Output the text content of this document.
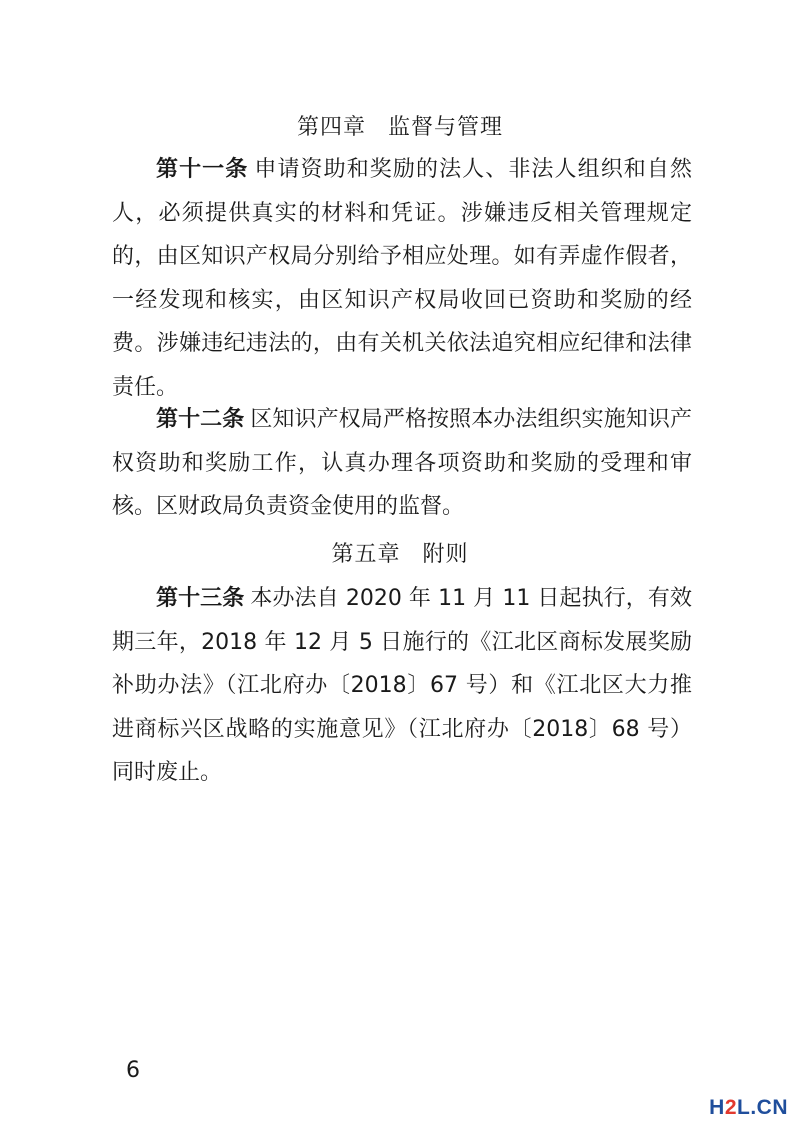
第四章 监督与管理

第十一条 申请资助和奖励的法人、非法人组织和自然人，必须提供真实的材料和凭证。涉嫌违反相关管理规定的，由区知识产权局分别给予相应处理。如有弄虚作假者，一经发现和核实，由区知识产权局收回已资助和奖励的经费。涉嫌违纪违法的，由有关机关依法追究相应纪律和法律责任。

第十二条 区知识产权局严格按照本办法组织实施知识产权资助和奖励工作，认真办理各项资助和奖励的受理和审核。区财政局负责资金使用的监督。

第五章 附则

第十三条 本办法自 2020 年 11 月 11 日起执行，有效期三年，2018 年 12 月 5 日施行的《江北区商标发展奖励补助办法》（江北府办〔2018〕67 号）和《江北区大力推进商标兴区战略的实施意见》（江北府办〔2018〕68 号）同时废止。

6
H2L.CN
